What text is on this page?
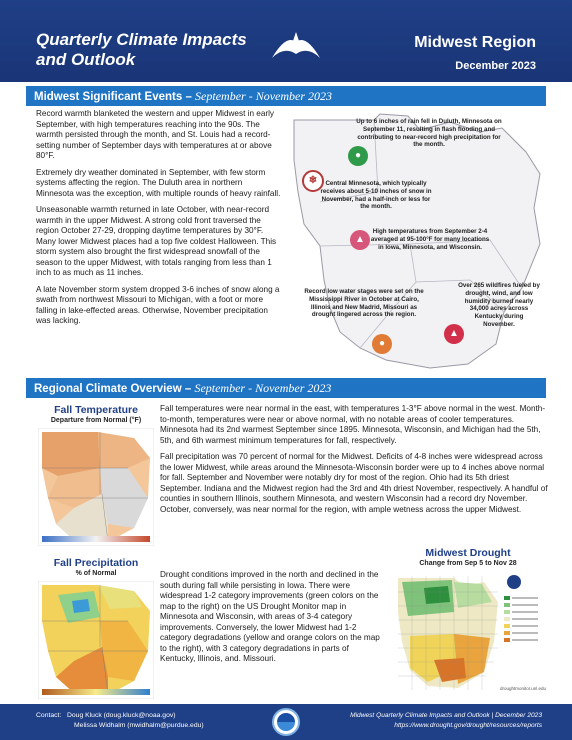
Quarterly Climate Impacts
and Outlook
Midwest Region
December 2023
Midwest Significant Events – September - November 2023

Record warmth blanketed the western and upper Midwest in early September, with high temperatures reaching into the 90s. The warmth persisted through the month, and St. Louis had a record-setting number of September days with temperatures at or above 80°F.

Extremely dry weather dominated in September, with few storm systems affecting the region. The Duluth area in northern Minnesota was the exception, with multiple rounds of heavy rainfall.

Unseasonable warmth returned in late October, with near-record warmth in the upper Midwest. A strong cold front traversed the region October 27-29, dropping daytime temperatures by 30°F. Many lower Midwest places had a top five coldest Halloween. This storm system also brought the first widespread snowfall of the season to the upper Midwest, with totals ranging from less than 1 inch to as much as 11 inches.

A late November storm system dropped 3-6 inches of snow along a swath from northwest Missouri to Michigan, with a foot or more falling in lake-effected areas. Otherwise, November precipitation was lacking.

Up to 6 inches of rain fell in Duluth, Minnesota on September 11, resulting in flash flooding and contributing to near-record high precipitation for the month.
●
❄	Central Minnesota, which typically receives about 5-10 inches of snow in November, had a half-inch or less for the month.
▲
High temperatures from September 2-4 averaged at 95-100°F for many locations in Iowa, Minnesota, and Wisconsin.
Record low water stages were set on the Mississippi River in October at Cairo, Illinois and New Madrid, Missouri as drought lingered across the region.
●
Over 265 wildfires fueled by drought, wind, and low humidity burned nearly 34,000 acres across Kentucky during November.
▲
Regional Climate Overview – September - November 2023
Fall Temperature
Departure from Normal (°F)
Fall Precipitation
% of Normal

Fall temperatures were near normal in the east, with temperatures 1-3°F above normal in the west. Month-to-month, temperatures were near or above normal, with no notable areas of cooler temperatures. Minnesota had its 2nd warmest September since 1895. Minnesota, Wisconsin, and Michigan had the 5th, 5th, and 6th warmest minimum temperatures for fall, respectively.

Fall precipitation was 70 percent of normal for the Midwest. Deficits of 4-8 inches were widespread across the lower Midwest, while areas around the Minnesota-Wisconsin border were up to 4 inches above normal for fall. September and November were notably dry for most of the region. Ohio had its 5th driest September. Indiana and the Midwest region had the 3rd and 4th driest November, respectively. A handful of counties in southern Illinois, southern Minnesota, and western Wisconsin had a record dry November. October, conversely, was near normal for the region, with ample wetness across the upper Midwest.

Drought conditions improved in the north and declined in the south during fall while persisting in Iowa. There were widespread 1-2 category improvements (green colors on the map to the right) on the US Drought Monitor map in Minnesota and Wisconsin, with areas of 3-4 category improvements. Conversely, the lower Midwest had 1-2 category degradations (yellow and orange colors on the map to the right), with 3 category degradations in parts of Kentucky, Illinois, and. Missouri.

Midwest Drought
Change from Sep 5 to Nov 28
droughtmonitor.unl.edu
Contact: Doug Kluck (doug.kluck@noaa.gov)
Melissa Widhalm (mwidhalm@purdue.edu)
Midwest Quarterly Climate Impacts and Outlook | December 2023
https://www.drought.gov/drought/resources/reports
